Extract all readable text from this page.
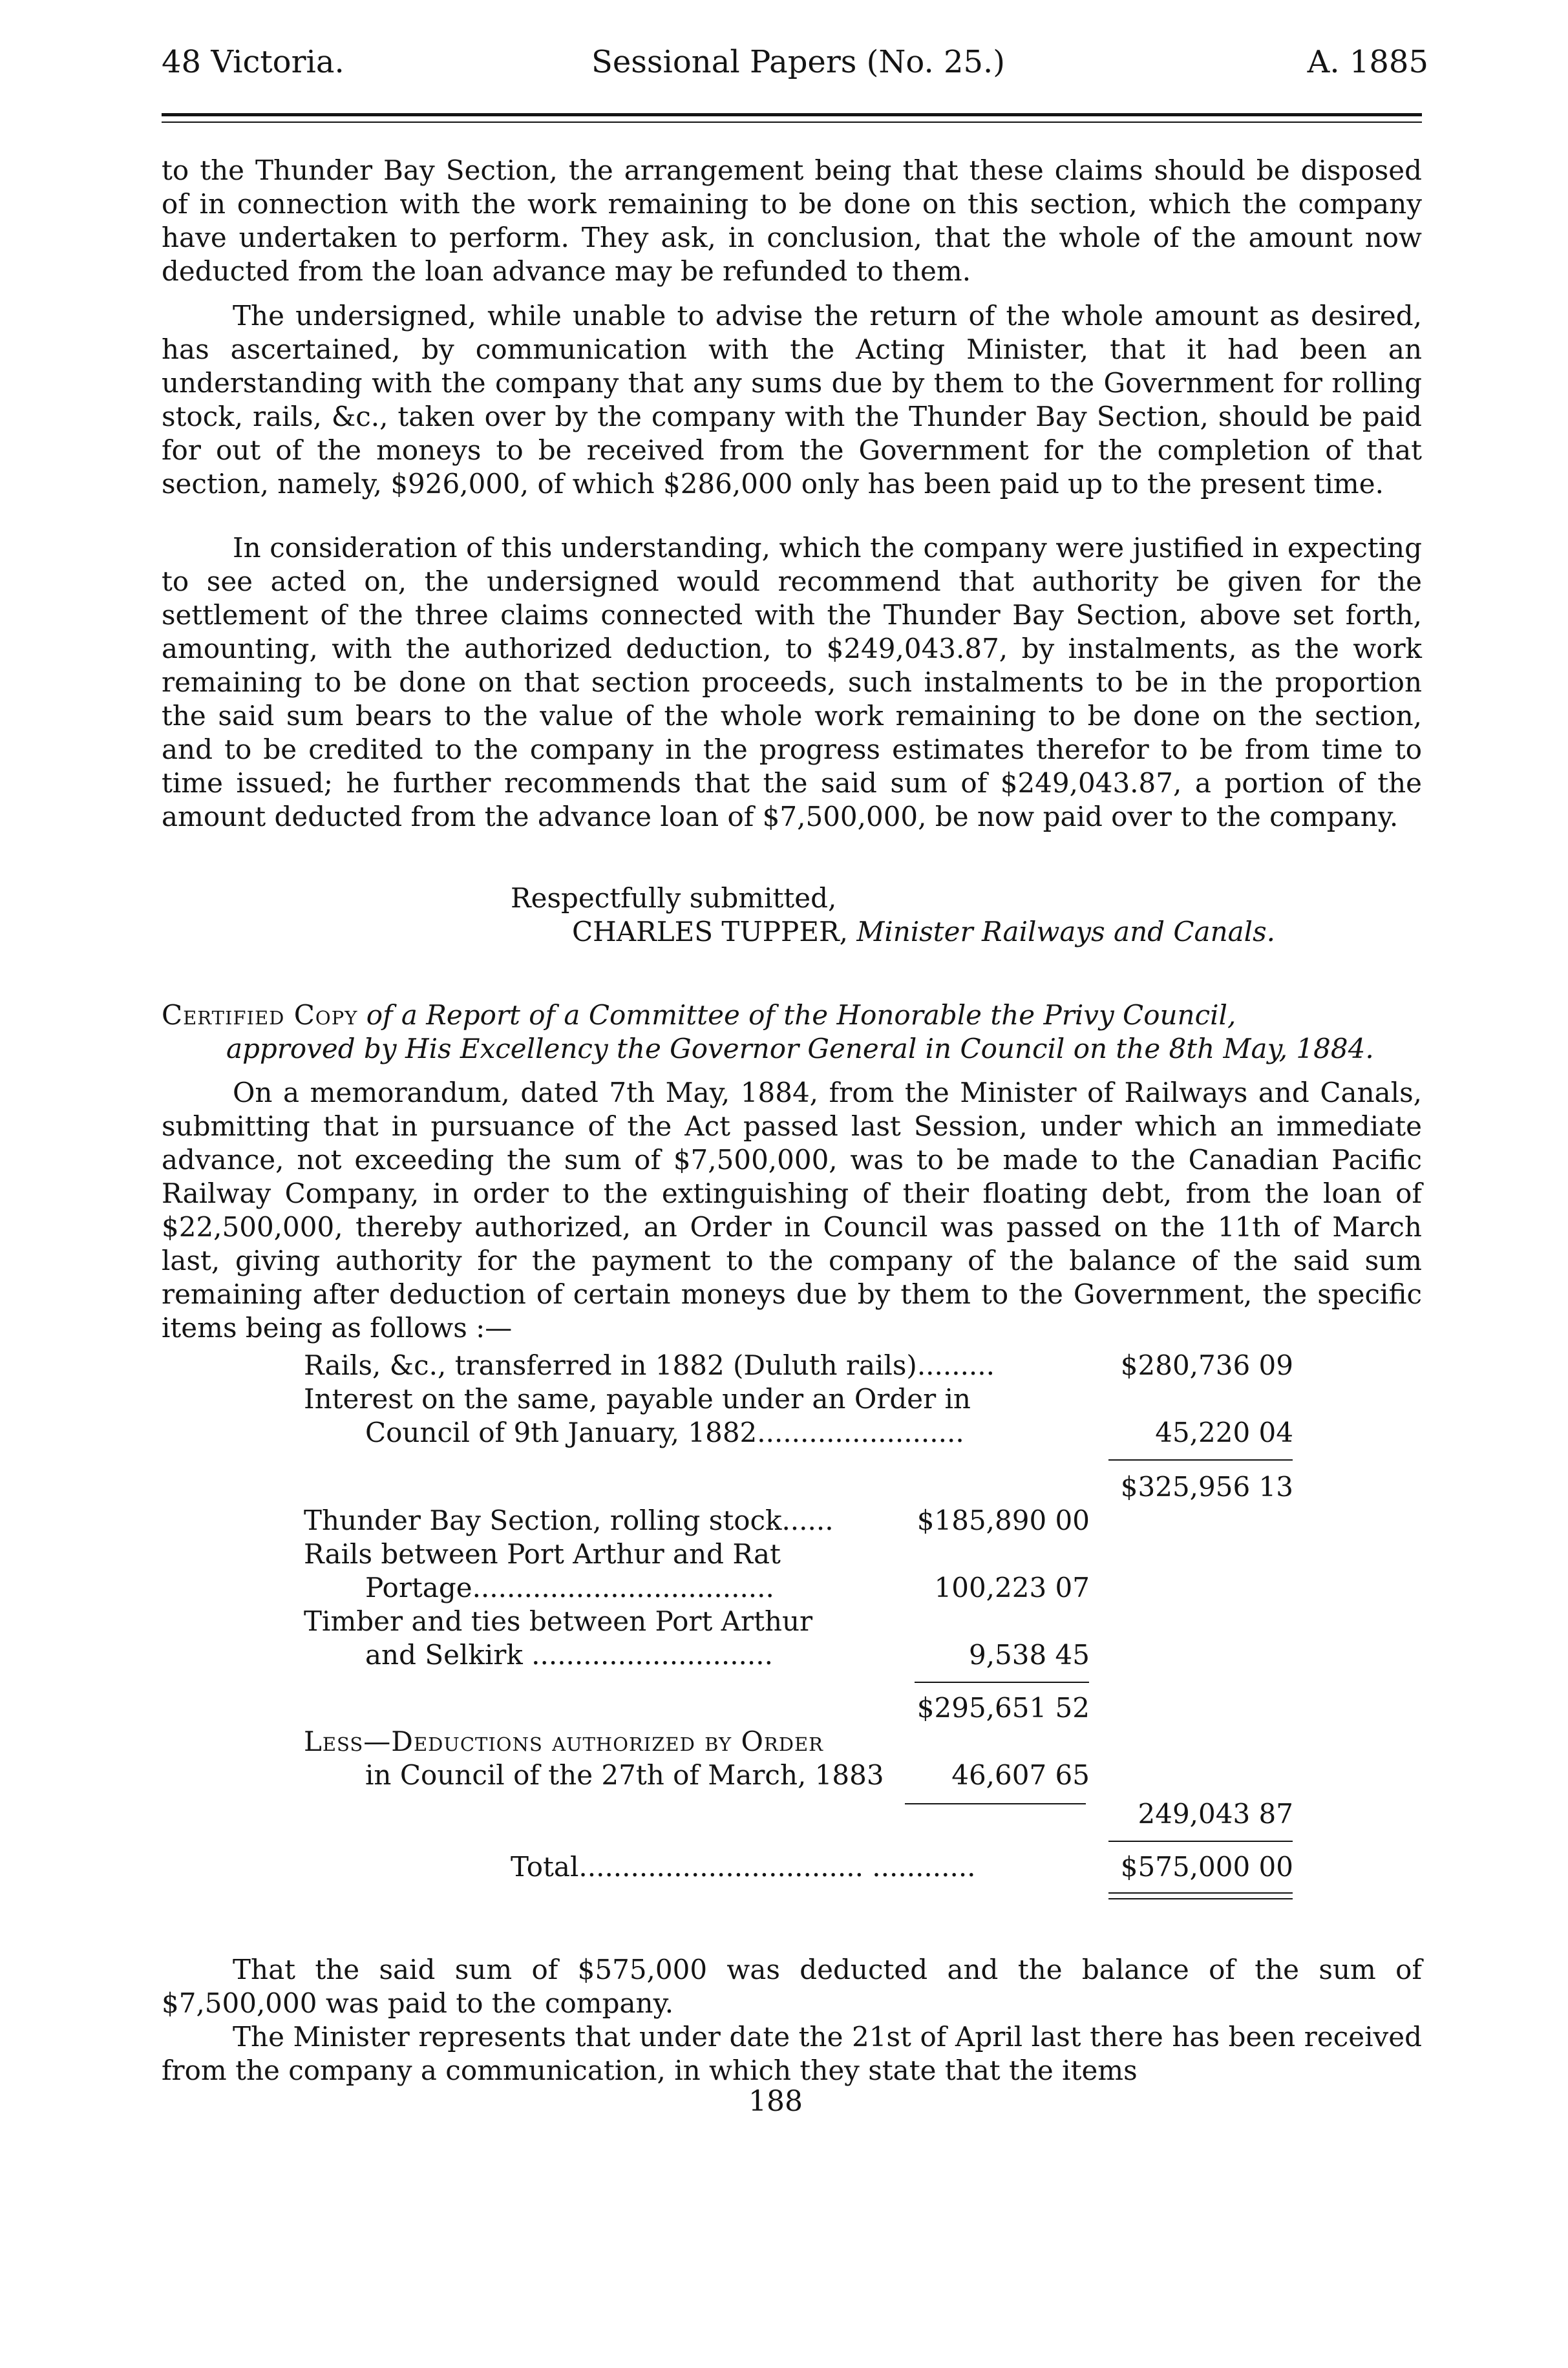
48 Victoria.	Sessional Papers (No. 25.)	A. 1885

to the Thunder Bay Section, the arrangement being that these claims should be disposed of in connection with the work remaining to be done on this section, which the company have undertaken to perform. They ask, in conclusion, that the whole of the amount now deducted from the loan advance may be refunded to them.

The undersigned, while unable to advise the return of the whole amount as desired, has ascertained, by communication with the Acting Minister, that it had been an understanding with the company that any sums due by them to the Government for rolling stock, rails, &c., taken over by the company with the Thunder Bay Section, should be paid for out of the moneys to be received from the Government for the completion of that section, namely, $926,000, of which $286,000 only has been paid up to the present time.

In consideration of this understanding, which the company were justified in expecting to see acted on, the undersigned would recommend that authority be given for the settlement of the three claims connected with the Thunder Bay Section, above set forth, amounting, with the authorized deduction, to $249,043.87, by instalments, as the work remaining to be done on that section proceeds, such instalments to be in the proportion the said sum bears to the value of the whole work remaining to be done on the section, and to be credited to the company in the progress estimates therefor to be from time to time issued; he further recommends that the said sum of $249,043.87, a portion of the amount deducted from the advance loan of $7,500,000, be now paid over to the company.

Respectfully submitted,
CHARLES TUPPER, Minister Railways and Canals.
Certified Copy of a Report of a Committee of the Honorable the Privy Council,
approved by His Excellency the Governor General in Council on the 8th May, 1884.

On a memorandum, dated 7th May, 1884, from the Minister of Railways and Canals, submitting that in pursuance of the Act passed last Session, under which an immediate advance, not exceeding the sum of $7,500,000, was to be made to the Canadian Pacific Railway Company, in order to the extinguishing of their floating debt, from the loan of $22,500,000, thereby authorized, an Order in Council was passed on the 11th of March last, giving authority for the payment to the company of the balance of the said sum remaining after deduction of certain moneys due by them to the Government, the specific items being as follows :—

Rails, &c., transferred in 1882 (Duluth rails).........	$280,736 09
Interest on the same, payable under an Order in
Council of 9th January, 1882........................	45,220 04
$325,956 13
Thunder Bay Section, rolling stock......	$185,890 00
Rails between Port Arthur and Rat
Portage...................................	100,223 07
Timber and ties between Port Arthur
and Selkirk ............................	9,538 45
$295,651 52
Less—Deductions authorized by Order
in Council of the 27th of March, 1883 46,607 65
249,043 87
Total................................. ............	$575,000 00

That the said sum of $575,000 was deducted and the balance of the sum of $7,500,000 was paid to the company.

The Minister represents that under date the 21st of April last there has been received from the company a communication, in which they state that the items

188
